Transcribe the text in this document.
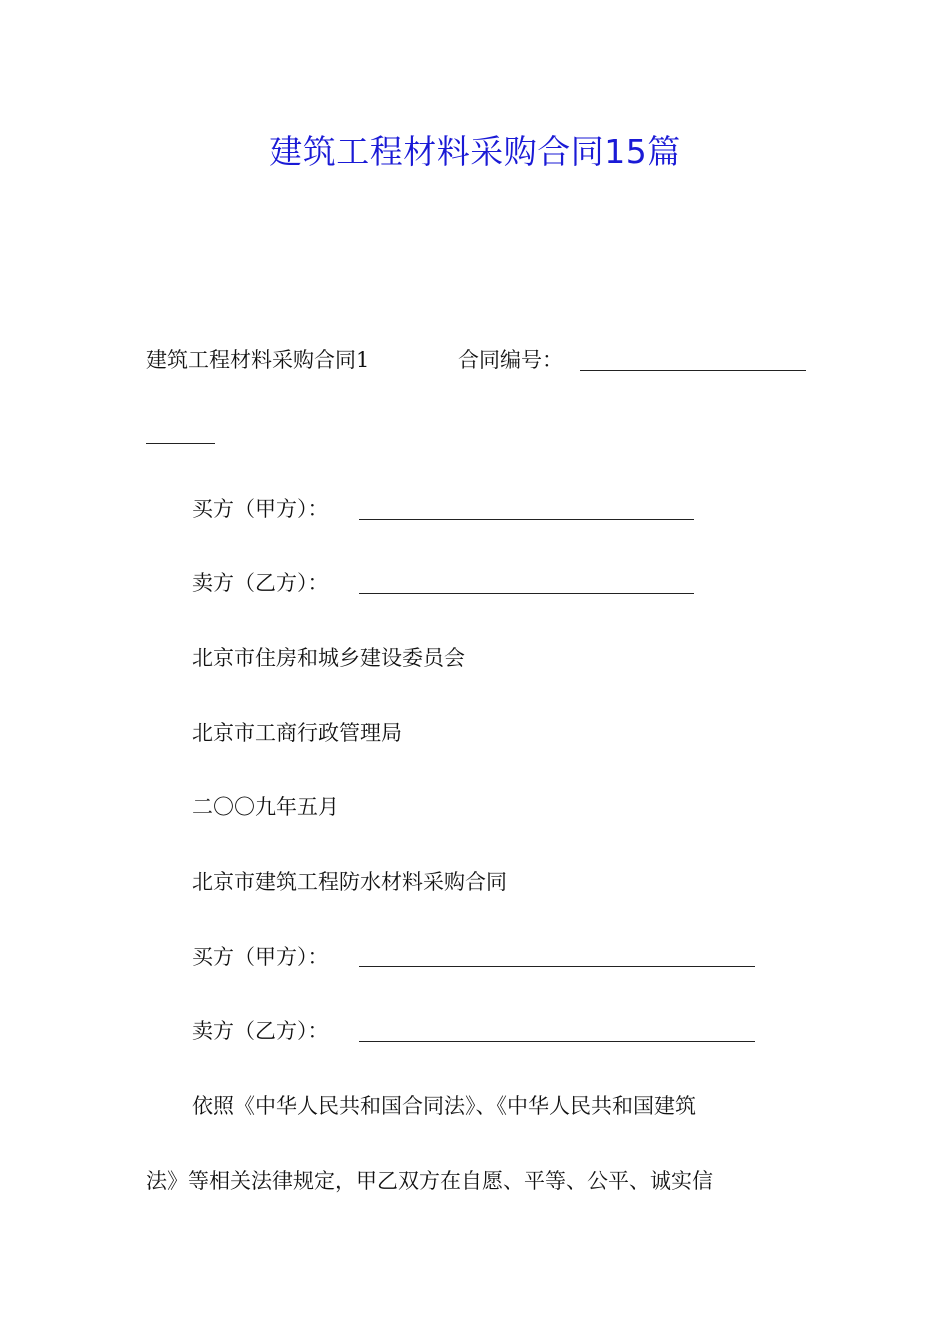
建筑工程材料采购合同15篇
建筑工程材料采购合同1	合同编号：
买方（甲方）：
卖方（乙方）：
北京市住房和城乡建设委员会
北京市工商行政管理局
二〇〇九年五月
北京市建筑工程防水材料采购合同
买方（甲方）：
卖方（乙方）：
依照《中华人民共和国合同法》、《中华人民共和国建筑
法》等相关法律规定，甲乙双方在自愿、平等、公平、诚实信
